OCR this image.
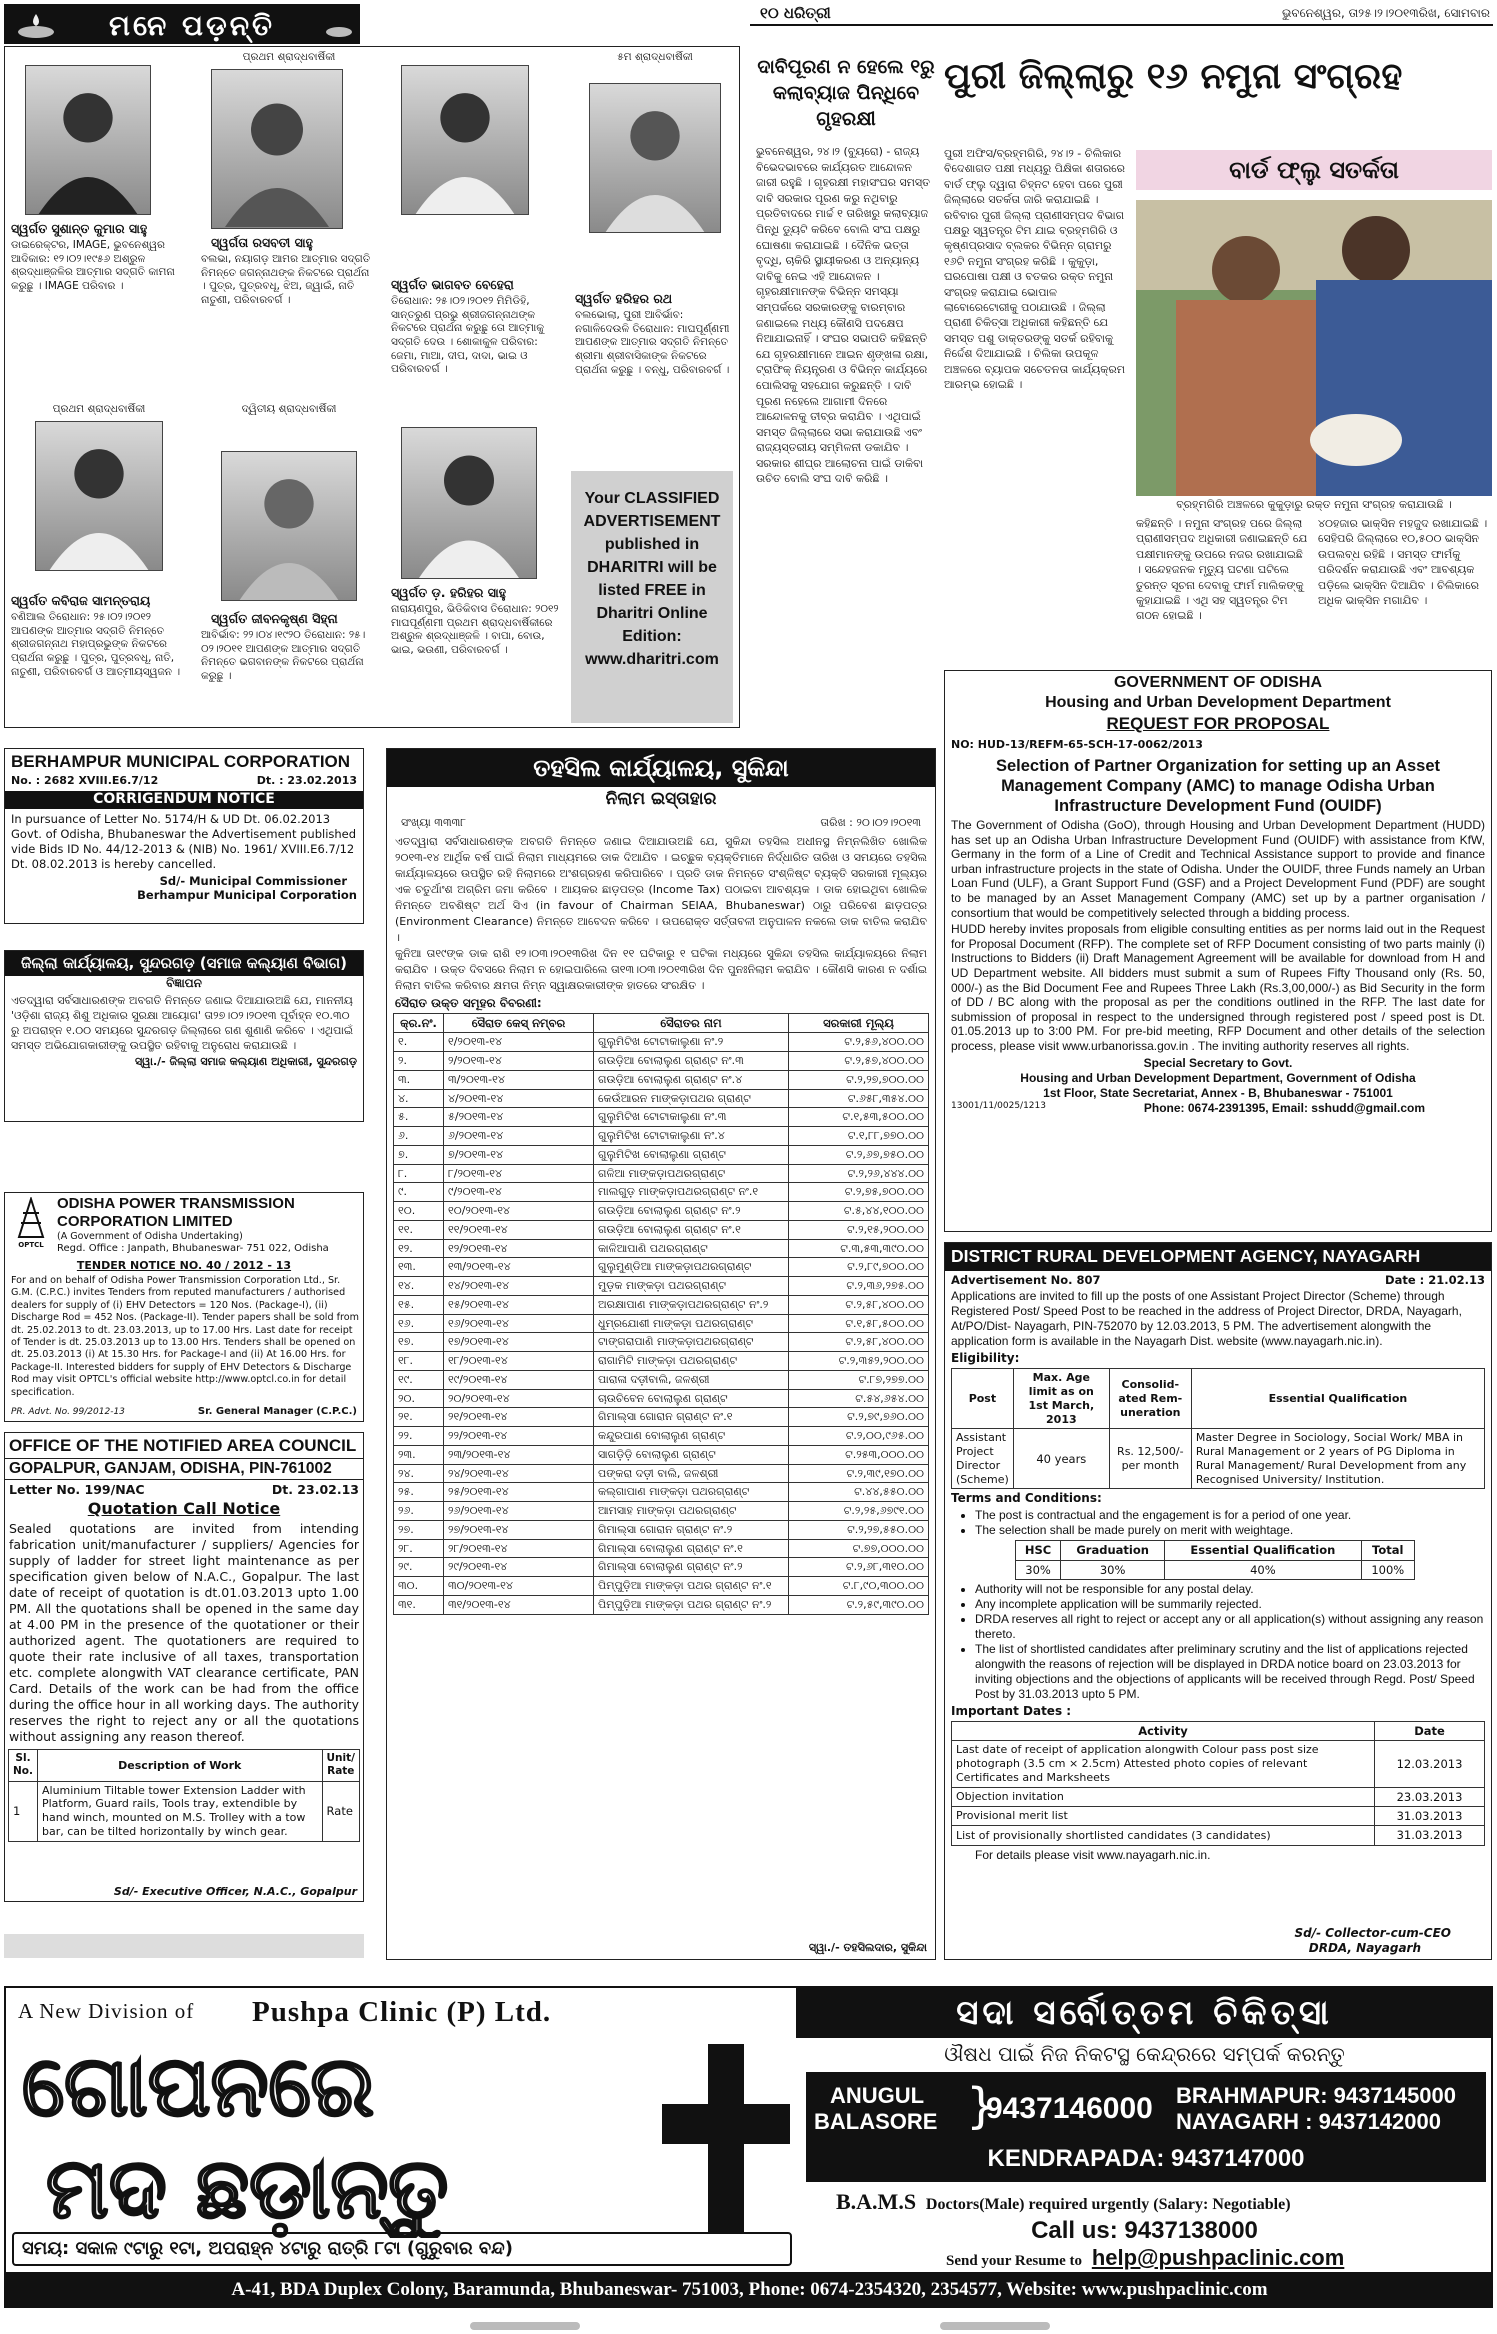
ମନେ ପଡ଼ନ୍ତି	୧୦ ଧରିତ୍ରୀ	ଭୁବନେଶ୍ୱର, ତା୨୫।୨।୨୦୧୩ରିଖ, ସୋମବାର
ସ୍ୱର୍ଗତ ସୁଶାନ୍ତ କୁମାର ସାହୁ
ଡାଇରେକ୍ଟର, IMAGE, ଭୁବନେଶ୍ୱର ଆଦିକାର: ୧୨।୦୨।୧୯୫୬ ଅଶ୍ରୁଳ ଶ୍ରଦ୍ଧାଞ୍ଜଳିର ଆତ୍ମାର ସଦ୍ଗତି କାମନା କରୁଛୁ । IMAGE ପରିବାର ।
ପ୍ରଥମ ଶ୍ରାଦ୍ଧବାର୍ଷିକୀ
ସ୍ୱର୍ଗତା ରସବତୀ ସାହୁ
ବଲଭା, ନୟାଗଡ଼ ଆମର ଆତ୍ମାର ସଦ୍ଗତି ନିମନ୍ତେ ଜଗନ୍ନାଥଙ୍କ ନିକଟରେ ପ୍ରାର୍ଥନା । ପୁତ୍ର, ପୁତ୍ରବଧୂ, ଝିଅ, ଜ୍ୱାଇଁ, ନାତି ନାତୁଣୀ, ପରିବାରବର୍ଗ ।
ସ୍ୱର୍ଗତ ଭାଗବତ ବେହେରା
ତିରୋଧାନ: ୨୫।୦୨।୨୦୧୨ ମିମିଡିହି, ସାନ୍ତରୁଣ ପ୍ରଭୁ ଶ୍ରୀଜଗନ୍ନାଥଙ୍କ ନିକଟରେ ପ୍ରାର୍ଥନା କରୁଛୁ ତୋ ଆତ୍ମାକୁ ସଦ୍ଗତି ଦେଉ । ଶୋକାକୁଳ ପରିବାର: ଜେମା, ମାଆ, ଦୀପ, ଦାଦା, ଭାଇ ଓ ପରିବାରବର୍ଗ ।
୫ମ ଶ୍ରାଦ୍ଧବାର୍ଷିକୀ
ସ୍ୱର୍ଗତ ହରିହର ରଥ
ବଲଭୋଲା, ପୁରୀ ଆବିର୍ଭାବ: ନଗାଳିଦେଉଳି ତିରୋଧାନ: ମାଘପୂର୍ଣ୍ଣମୀ ଆପଣଙ୍କ ଆତ୍ମାର ସଦ୍ଗତି ନିମନ୍ତେ ଶ୍ରୀମା ଶ୍ରୀବାସିକାଙ୍କ ନିକଟରେ ପ୍ରାର୍ଥନା କରୁଛୁ । ବନ୍ଧୁ, ପରିବାରବର୍ଗ ।
ପ୍ରଥମ ଶ୍ରାଦ୍ଧବାର୍ଷିକୀ
ସ୍ୱର୍ଗତ କବିରାଜ ସାମନ୍ତରାୟ
ବଣିଆଲ ତିରୋଧାନ: ୨୫।୦୨।୨୦୧୨ ଆପଣଙ୍କ ଆତ୍ମାର ସଦ୍ଗତି ନିମନ୍ତେ ଶ୍ରୀଜଗନ୍ନାଥ ମହାପ୍ରଭୁଙ୍କ ନିକଟରେ ପ୍ରାର୍ଥନା କରୁଛୁ । ପୁତ୍ର, ପୁତ୍ରବଧୂ, ନାତି, ନାତୁଣୀ, ପରିବାରବର୍ଗ ଓ ଆତ୍ମୀୟସ୍ୱଜନ ।
ଦ୍ୱିତୀୟ ଶ୍ରାଦ୍ଧବାର୍ଷିକୀ
ସ୍ୱର୍ଗତ ଜୀବନକୃଷ୍ଣ ସିହ୍ନା
ଆବିର୍ଭାବ: ୨୨।୦୪।୧୯୨୦ ତିରୋଧାନ: ୨୫।୦୨।୨୦୧୧ ଆପଣଙ୍କ ଆତ୍ମାର ସଦ୍ଗତି ନିମନ୍ତେ ଭଗବାନଙ୍କ ନିକଟରେ ପ୍ରାର୍ଥନା କରୁଛୁ ।
ସ୍ୱର୍ଗତ ଡ଼. ହରିହର ସାହୁ
ନାରାୟଣପୁର, ଭିଡିକିବାସ ତିରୋଧାନ: ୨୦୧୨ ମାଘପୂର୍ଣ୍ଣମୀ ପ୍ରଥମ ଶ୍ରାଦ୍ଧବାର୍ଷିକୀରେ ଅଶ୍ରୁଳ ଶ୍ରଦ୍ଧାଞ୍ଜଳି । ବାପା, ବୋଉ, ଭାଇ, ଭଉଣୀ, ପରିବାରବର୍ଗ ।
Your CLASSIFIED
ADVERTISEMENT
published in
DHARITRI will be
listed FREE in
Dharitri Online
Edition:
www.dharitri.com
ଦାବିପୂରଣ ନ ହେଲେ ୧ରୁ କଲାବ୍ୟାଜ ପିନ୍ଧିବେ ଗୃହରକ୍ଷୀ
ଭୁବନେଶ୍ୱର, ୨୪।୨ (ବ୍ୟୁରୋ) - ରାଜ୍ୟ ବିଭେଦଭାବରେ କାର୍ଯ୍ୟରତ ଆନ୍ଦୋଳନ ଜାରୀ ରହୁଛି । ଗୃହରକ୍ଷୀ ମହାସଂଘର ସମସ୍ତ ଦାବି ସରକାର ପୂରଣ କରୁ ନଥିବାରୁ ପ୍ରତିବାଦରେ ମାର୍ଚ୍ଚ ୧ ତାରିଖରୁ କଲାବ୍ୟାଜ ପିନ୍ଧି ଡ୍ୟୁଟି କରିବେ ବୋଲି ସଂଘ ପକ୍ଷରୁ ଘୋଷଣା କରାଯାଇଛି । ଦୈନିକ ଭତ୍ତା ବୃଦ୍ଧି, ଚାକିରି ସ୍ଥାୟୀକରଣ ଓ ଅନ୍ୟାନ୍ୟ ଦାବିକୁ ନେଇ ଏହି ଆନ୍ଦୋଳନ । ଗୃହରକ୍ଷୀମାନଙ୍କ ବିଭିନ୍ନ ସମସ୍ୟା ସମ୍ପର୍କରେ ସରକାରଙ୍କୁ ବାରମ୍ବାର ଜଣାଇଲେ ମଧ୍ୟ କୌଣସି ପଦକ୍ଷେପ ନିଆଯାଇନାହିଁ । ସଂଘର ସଭାପତି କହିଛନ୍ତି ଯେ ଗୃହରକ୍ଷୀମାନେ ଆଇନ ଶୃଙ୍ଖଳା ରକ୍ଷା, ଟ୍ରାଫିକ୍ ନିୟନ୍ତ୍ରଣ ଓ ବିଭିନ୍ନ କାର୍ଯ୍ୟରେ ପୋଲିସକୁ ସହଯୋଗ କରୁଛନ୍ତି । ଦାବି ପୂରଣ ନହେଲେ ଆଗାମୀ ଦିନରେ ଆନ୍ଦୋଳନକୁ ତୀବ୍ର କରାଯିବ । ଏଥିପାଇଁ ସମସ୍ତ ଜିଲ୍ଲାରେ ସଭା କରାଯାଉଛି ଏବଂ ରାଜ୍ୟସ୍ତରୀୟ ସମ୍ମିଳନୀ ଡକାଯିବ । ସରକାର ଶୀଘ୍ର ଆଲୋଚନା ପାଇଁ ଡାକିବା ଉଚିତ ବୋଲି ସଂଘ ଦାବି କରିଛି ।
ପୁରୀ ଜିଲ୍ଲାରୁ ୧୬ ନମୁନା ସଂଗ୍ରହ
ପୁରୀ ଅଫିସ/ବ୍ରହ୍ମଗିରି, ୨୪।୨ - ଚିଲିକାର ବିଦେଶାଗତ ପକ୍ଷୀ ମଧ୍ୟରୁ ପିକ୍ଷିକା ଶତାରରେ ବାର୍ଡ ଫ୍ଲୁ ଦ୍ୱାରା ଚିହ୍ନଟ ହେବା ପରେ ପୁରୀ ଜିଲ୍ଲାରେ ସତର୍କତା ଜାରି କରାଯାଇଛି । ରବିବାର ପୁରୀ ଜିଲ୍ଲା ପ୍ରାଣୀସମ୍ପଦ ବିଭାଗ ପକ୍ଷରୁ ସ୍ୱତନ୍ତ୍ର ଟିମ ଯାଇ ବ୍ରହ୍ମଗିରି ଓ କୃଷ୍ଣପ୍ରସାଦ ବ୍ଲକର ବିଭିନ୍ନ ଗ୍ରାମରୁ ୧୬ଟି ନମୁନା ସଂଗ୍ରହ କରିଛି । କୁକୁଡ଼ା, ଘରପୋଷା ପକ୍ଷୀ ଓ ବତକର ରକ୍ତ ନମୁନା ସଂଗ୍ରହ କରାଯାଇ ଭୋପାଳ ଲାବୋରେଟୋରୀକୁ ପଠାଯାଉଛି । ଜିଲ୍ଲା ପ୍ରାଣୀ ଚିକିତ୍ସା ଅଧିକାରୀ କହିଛନ୍ତି ଯେ ସମସ୍ତ ପଶୁ ଡାକ୍ତରଙ୍କୁ ସତର୍କ ରହିବାକୁ ନିର୍ଦ୍ଦେଶ ଦିଆଯାଇଛି । ଚିଲିକା ଉପକୂଳ ଅଞ୍ଚଳରେ ବ୍ୟାପକ ସଚେତନତା କାର୍ଯ୍ୟକ୍ରମ ଆରମ୍ଭ ହୋଇଛି ।
ବାର୍ଡ ଫ୍ଲୁ ସତର୍କତା
ବ୍ରହ୍ମଗିରି ଅଞ୍ଚଳରେ କୁକୁଡ଼ାରୁ ରକ୍ତ ନମୁନା ସଂଗ୍ରହ କରାଯାଉଛି ।
କହିଛନ୍ତି । ନମୁନା ସଂଗ୍ରହ ପରେ ଜିଲ୍ଲା ପ୍ରାଣୀସମ୍ପଦ ଅଧିକାରୀ ଜଣାଇଛନ୍ତି ଯେ ପକ୍ଷୀମାନଙ୍କୁ ଉପରେ ନଜର ରଖାଯାଇଛି । ସନ୍ଦେହଜନକ ମୃତ୍ୟୁ ଘଟଣା ଘଟିଲେ ତୁରନ୍ତ ସୂଚନା ଦେବାକୁ ଫାର୍ମ ମାଲିକଙ୍କୁ କୁହାଯାଇଛି । ଏଥି ସହ ସ୍ୱତନ୍ତ୍ର ଟିମ ଗଠନ ହୋଇଛି ।
୪୦ହଜାର ଭାକ୍ସିନ ମହଜୁଦ ରଖାଯାଇଛି । ସେହିପରି ଜିଲ୍ଲାରେ ୧୦,୫୦୦ ଭାକ୍ସିନ ଉପଲବ୍ଧ ରହିଛି । ସମସ୍ତ ଫାର୍ମକୁ ପରିଦର୍ଶନ କରାଯାଉଛି ଏବଂ ଆବଶ୍ୟକ ପଡ଼ିଲେ ଭାକ୍ସିନ ଦିଆଯିବ । ଚିଲିକାରେ ଅଧିକ ଭାକ୍ସିନ ମଗାଯିବ ।
BERHAMPUR MUNICIPAL CORPORATION
No. : 2682 XVIII.E6.7/12	Dt. : 23.02.2013
CORRIGENDUM NOTICE
In pursuance of Letter No. 5174/H & UD Dt. 06.02.2013 Govt. of Odisha, Bhubaneswar the Advertisement published vide Bids ID No. 44/12-2013 & (NIB) No. 1961/ XVIII.E6.7/12 Dt. 08.02.2013 is hereby cancelled.
Sd/- Municipal Commissioner
Berhampur Municipal Corporation
ଜିଲ୍ଲା କାର୍ଯ୍ୟାଳୟ, ସୁନ୍ଦରଗଡ଼ (ସମାଜ କଲ୍ୟାଣ ବିଭାଗ)
ବିଜ୍ଞାପନ
ଏତଦ୍ୱାରା ସର୍ବସାଧାରଣଙ୍କ ଅବଗତି ନିମନ୍ତେ ଜଣାଇ ଦିଆଯାଉଅଛି ଯେ, ମାନନୀୟ 'ଓଡ଼ିଶା ରାଜ୍ୟ ଶିଶୁ ଅଧିକାର ସୁରକ୍ଷା ଆୟୋଗ' ତା୨୭।୦୨।୨୦୧୩ ପୂର୍ବାହ୍ନ ୧୦.୩୦ ରୁ ଅପରାହ୍ନ ୧.୦୦ ସମୟରେ ସୁନ୍ଦରଗଡ଼ ଜିଲ୍ଲାରେ ଗଣ ଶୁଣାଣି କରିବେ । ଏଥିପାଇଁ ସମସ୍ତ ଅଭିଯୋଗକାରୀଙ୍କୁ ଉପସ୍ଥିତ ରହିବାକୁ ଅନୁରୋଧ କରାଯାଉଛି ।
ସ୍ୱା./- ଜିଲ୍ଲା ସମାଜ କଲ୍ୟାଣ ଅଧିକାରୀ, ସୁନ୍ଦରଗଡ଼
OPTCL
ODISHA POWER TRANSMISSION
CORPORATION LIMITED
(A Government of Odisha Undertaking)
Regd. Office : Janpath, Bhubaneswar- 751 022, Odisha
TENDER NOTICE NO. 40 / 2012 - 13
For and on behalf of Odisha Power Transmission Corporation Ltd., Sr. G.M. (C.P.C.) invites Tenders from reputed manufacturers / authorised dealers for supply of (i) EHV Detectors = 120 Nos. (Package-I), (ii) Discharge Rod = 452 Nos. (Package-II). Tender papers shall be sold from dt. 25.02.2013 to dt. 23.03.2013, up to 17.00 Hrs. Last date for receipt of Tender is dt. 25.03.2013 up to 13.00 Hrs. Tenders shall be opened on dt. 25.03.2013 (i) At 15.30 Hrs. for Package-I and (ii) At 16.00 Hrs. for Package-II. Interested bidders for supply of EHV Detectors & Discharge Rod may visit OPTCL's official website http://www.optcl.co.in for detail specification.
PR. Advt. No. 99/2012-13	Sr. General Manager (C.P.C.)
OFFICE OF THE NOTIFIED AREA COUNCIL
GOPALPUR, GANJAM, ODISHA, PIN-761002
Letter No. 199/NAC	Dt. 23.02.13
Quotation Call Notice
Sealed quotations are invited from intending fabrication unit/manufacturer / suppliers/ Agencies for supply of ladder for street light maintenance as per specification given below of N.A.C., Gopalpur. The last date of receipt of quotation is dt.01.03.2013 upto 1.00 PM. All the quotations shall be opened in the same day at 4.00 PM in the presence of the quotationer or their authorized agent. The quotationers are required to quote their rate inclusive of all taxes, transportation etc. complete alongwith VAT clearance certificate, PAN Card. Details of the work can be had from the office during the office hour in all working days. The authority reserves the right to reject any or all the quotations without assigning any reason thereof.
Sl. No.	Description of Work	Unit/ Rate
1	Aluminium Tiltable tower Extension Ladder with Platform, Guard rails, Tools tray, extendible by hand winch, mounted on M.S. Trolley with a tow bar, can be tilted horizontally by winch gear.	Rate
Sd/- Executive Officer, N.A.C., Gopalpur
ତହସିଲ କାର୍ଯ୍ୟାଳୟ, ସୁକିନ୍ଦା
ନିଲାମ ଇସ୍ତାହାର
ସଂଖ୍ୟା ୩୩୩୮	ତାରିଖ : ୨୦।୦୨।୨୦୧୩
ଏତଦ୍ୱାରା ସର୍ବସାଧାରଣଙ୍କ ଅବଗତି ନିମନ୍ତେ ଜଣାଇ ଦିଆଯାଉଅଛି ଯେ, ସୁକିନ୍ଦା ତହସିଲ ଅଧୀନସ୍ଥ ନିମ୍ନଲିଖିତ ଖୋଲିକ ୨୦୧୩-୧୪ ଆର୍ଥିକ ବର୍ଷ ପାଇଁ ନିଲାମ ମାଧ୍ୟମରେ ଡାକ ଦିଆଯିବ । ଇଚ୍ଛୁକ ବ୍ୟକ୍ତିମାନେ ନିର୍ଦ୍ଧାରିତ ତାରିଖ ଓ ସମୟରେ ତହସିଲ କାର୍ଯ୍ୟାଳୟରେ ଉପସ୍ଥିତ ରହି ନିଲାମରେ ଅଂଶଗ୍ରହଣ କରିପାରିବେ । ପ୍ରତି ଡାକ ନିମନ୍ତେ ସଂଶ୍ଳିଷ୍ଟ ବ୍ୟକ୍ତି ସରକାରୀ ମୂଲ୍ୟର ଏକ ଚତୁର୍ଥାଂଶ ଅଗ୍ରିମ ଜମା କରିବେ । ଆୟକର ଛାଡ଼ପତ୍ର (Income Tax) ପଠାଇବା ଆବଶ୍ୟକ । ଡାକ ହୋଇଥିବା ଖୋଲିକ ନିମନ୍ତେ ଅବଶିଷ୍ଟ ଅର୍ଥ ସିଏ (in favour of Chairman SEIAA, Bhubaneswar) ଠାରୁ ପରିବେଶ ଛାଡ଼ପତ୍ର (Environment Clearance) ନିମନ୍ତେ ଆବେଦନ କରିବେ । ଉପରୋକ୍ତ ସର୍ତ୍ତାବଳୀ ଅନୁପାଳନ ନକଲେ ଡାକ ବାତିଲ କରାଯିବ ।
କୁନିଆ ତା୧୯ଙ୍କ ଡାକ ରାଶି ୧୨।୦୩।୨୦୧୩ରିଖ ଦିନ ୧୧ ଘଟିକାରୁ ୧ ଘଟିକା ମଧ୍ୟରେ ସୁକିନ୍ଦା ତହସିଲ କାର୍ଯ୍ୟାଳୟରେ ନିଲାମ କରାଯିବ । ଉକ୍ତ ଦିବସରେ ନିଲାମ ନ ହୋଇପାରିଲେ ତା୧୩।୦୩।୨୦୧୩ରିଖ ଦିନ ପୁନଃନିଲାମ କରାଯିବ । କୌଣସି କାରଣ ନ ଦର୍ଶାଇ ନିଲାମ ବାତିଲ କରିବାର କ୍ଷମତା ନିମ୍ନ ସ୍ୱାକ୍ଷରକାରୀଙ୍କ ହାତରେ ସଂରକ୍ଷିତ ।
ସୈରାତ ଉକ୍ତ ସମୂହର ବିବରଣୀ:
କ୍ର.ନଂ.	ସୈରାତ କେସ୍ ନମ୍ବର	ସୈରାତର ନାମ	ସରକାରୀ ମୂଲ୍ୟ
୧.	୧/୨୦୧୩-୧୪	ଗୁଲୁମିଟିଖ ଟୋଟାକାଲୁଣା ନଂ.୨	ଟ.୨,୫୬,୪୦୦.୦୦
୨.	୨/୨୦୧୩-୧୪	ଗଉଡ଼ିଆ ବୋଲାଲୁଣ ଗ୍ରାଣ୍ଟ ନଂ.୩	ଟ.୨,୫୭,୪୦୦.୦୦
୩.	୩/୨୦୧୩-୧୪	ଗଉଡ଼ିଆ ବୋଲାଲୁଣ ଗ୍ରାଣ୍ଟ ନଂ.୪	ଟ.୨,୨୭,୭୦୦.୦୦
୪.	୪/୨୦୧୩-୧୪	କେଉଁଆରନ ମାଙ୍କଡ଼ାପଥର ଗ୍ରାଣ୍ଟ	ଟ.୬୫୮,୩୫୪.୦୦
୫.	୫/୨୦୧୩-୧୪	ଗୁଲୁମିଟିଖ ଟୋଟାକାଲୁଣା ନଂ.୩	ଟ.୧,୫୩,୫୦୦.୦୦
୬.	୬/୨୦୧୩-୧୪	ଗୁଲୁମିଟିଖ ଟୋଟାକାଲୁଣା ନଂ.୪	ଟ.୧,୮୮,୭୭୦.୦୦
୭.	୭/୨୦୧୩-୧୪	ଗୁଲୁମିଟିଖ ବୋଲାଲୁଣା ଗ୍ରାଣ୍ଟ	ଟ.୨,୬୭,୭୫୦.୦୦
୮.	୮/୨୦୧୩-୧୪	ଗଳିଆ ମାଙ୍କଡ଼ାପଥରଗ୍ରାଣ୍ଟ	ଟ.୨,୨୬,୪୪୪.୦୦
୯.	୯/୨୦୧୩-୧୪	ମାଲଗୁଡ଼ ମାଙ୍କଡ଼ାପଥରଗ୍ରାଣ୍ଟ ନଂ.୧	ଟ.୨,୭୫,୭୦୦.୦୦
୧୦.	୧୦/୨୦୧୩-୧୪	ଗଉଡ଼ିଆ ବୋଲାଲୁଣ ଗ୍ରାଣ୍ଟ ନଂ.୨	ଟ.୫,୪୪,୧୦୦.୦୦
୧୧.	୧୧/୨୦୧୩-୧୪	ଗଉଡ଼ିଆ ବୋଲାଲୁଣ ଗ୍ରାଣ୍ଟ ନଂ.୧	ଟ.୨,୧୫,୨୦୦.୦୦
୧୨.	୧୨/୨୦୧୩-୧୪	କାଳିଆପାଣି ପଥରଗ୍ରାଣ୍ଟ	ଟ.୩,୫୩,୩୯୦.୦୦
୧୩.	୧୩/୨୦୧୩-୧୪	ଗୁଲୁମୁଣ୍ଡିଆ ମାଙ୍କଡ଼ାପଥରଗ୍ରାଣ୍ଟ	ଟ.୨,୮୯,୭୦୦.୦୦
୧୪.	୧୪/୨୦୧୩-୧୪	ମୁଡ଼କ ମାଙ୍କଡ଼ା ପଥରଗ୍ରାଣ୍ଟ	ଟ.୨,୩୬,୨୭୫.୦୦
୧୫.	୧୫/୨୦୧୩-୧୪	ଅରକ୍ଷାପାଣ ମାଙ୍କଡ଼ାପଥରଗ୍ରାଣ୍ଟ ନଂ.୨	ଟ.୨,୫୮,୪୦୦.୦୦
୧୬.	୧୬/୨୦୧୩-୧୪	ଧୁମ୍ରଯୋଶୀ ମାଙ୍କଡ଼ା ପଥରଗ୍ରାଣ୍ଟ	ଟ.୧,୫୮,୫୦୦.୦୦
୧୭.	୧୭/୨୦୧୩-୧୪	ଟାଙ୍ଗରାପାଣି ମାଙ୍କଡ଼ାପଥରଗ୍ରାଣ୍ଟ	ଟ.୨,୫୮,୪୦୦.୦୦
୧୮.	୧୮/୨୦୧୩-୧୪	ରାଗାମିଟି ମାଙ୍କଡ଼ା ପଥରଗ୍ରାଣ୍ଟ	ଟ.୨,୩୫୨,୨୦୦.୦୦
୧୯.	୧୯/୨୦୧୩-୧୪	ପାରାଳା ଦଡ଼ୀବାଲି, ଜଳଶ୍ରୀ	ଟ.୮୭,୨୭୭.୦୦
୨୦.	୨୦/୨୦୧୩-୧୪	ଚାଉଚିବେନ ବୋଲାଲୁଣ ଗ୍ରାଣ୍ଟ	ଟ.୫୪,୬୫୪.୦୦
୨୧.	୨୧/୨୦୧୩-୧୪	ଗିମାଲ୍‌ସା ଗୋରାନ ଗ୍ରାଣ୍ଟ ନଂ.୧	ଟ.୨,୭୯,୭୬୦.୦୦
୨୨.	୨୨/୨୦୧୩-୧୪	କନ୍ଦୁରପାଣ ବୋଲାଲୁଣ ଗ୍ରାଣ୍ଟ	ଟ.୨,୦୦,୯୬୫.୦୦
୨୩.	୨୩/୨୦୧୩-୧୪	ସାଗଡ଼ିଡ଼ି ବୋଲାଲୁଣ ଗ୍ରାଣ୍ଟ	ଟ.୨୫୩,୦୦୦.୦୦
୨୪.	୨୪/୨୦୧୩-୧୪	ପଙ୍କରା ଦଡ଼ୀ ବାଲି, ଜଳଶ୍ରୀ	ଟ.୨,୩୯,୧୭୦.୦୦
୨୫.	୨୫/୨୦୧୩-୧୪	କଲ୍‌ଗାପାଣ ମାଙ୍କଡ଼ା ପଥରଗ୍ରାଣ୍ଟ	ଟ.୪୪,୫୫୦.୦୦
୨୬.	୨୬/୨୦୧୩-୧୪	ଆମସାହ ମାଙ୍କଡ଼ା ପଥରଗ୍ରାଣ୍ଟ	ଟ.୨,୨୫,୬୭୯୧.୦୦
୨୭.	୨୭/୨୦୧୩-୧୪	ଗିମାଲ୍‌ସା ଗୋରାନ ଗ୍ରାଣ୍ଟ ନଂ.୨	ଟ.୨,୨୭,୫୫୦.୦୦
୨୮.	୨୮/୨୦୧୩-୧୪	ଗିମାଲ୍‌ସା ବୋଲାଲୁଣ ଗ୍ରାଣ୍ଟ ନଂ.୧	ଟ.୭୭,୦୦୦.୦୦
୨୯.	୨୯/୨୦୧୩-୧୪	ଗିମାଲ୍‌ସା ବୋଲାଲୁଣ ଗ୍ରାଣ୍ଟ ନଂ.୨	ଟ.୨,୬୮,୩୧୦.୦୦
୩୦.	୩୦/୨୦୧୩-୧୪	ପିମ୍ପୁଡ଼ିଆ ମାଙ୍କଡ଼ା ପଥର ଗ୍ରାଣ୍ଟ ନଂ.୧	ଟ.୮,୯୦,୩୦୦.୦୦
୩୧.	୩୧/୨୦୧୩-୧୪	ପିମ୍ପୁଡ଼ିଆ ମାଙ୍କଡ଼ା ପଥର ଗ୍ରାଣ୍ଟ ନଂ.୨	ଟ.୨,୫୯,୩୯୦.୦୦
ସ୍ୱା./- ତହସିଲଦାର, ସୁକିନ୍ଦା
GOVERNMENT OF ODISHA
Housing and Urban Development Department
REQUEST FOR PROPOSAL
NO: HUD-13/REFM-65-SCH-17-0062/2013
Selection of Partner Organization for setting up an Asset Management Company (AMC) to manage Odisha Urban Infrastructure Development Fund (OUIDF)
The Government of Odisha (GoO), through Housing and Urban Development Department (HUDD) has set up an Odisha Urban Infrastructure Development Fund (OUIDF) with assistance from KfW, Germany in the form of a Line of Credit and Technical Assistance support to provide and finance urban infrastructure projects in the state of Odisha. Under the OUIDF, three Funds namely an Urban Loan Fund (ULF), a Grant Support Fund (GSF) and a Project Development Fund (PDF) are sought to be managed by an Asset Management Company (AMC) set up by a partner organisation / consortium that would be competitively selected through a bidding process.
HUDD hereby invites proposals from eligible consulting entities as per norms laid out in the Request for Proposal Document (RFP). The complete set of RFP Document consisting of two parts mainly (i) Instructions to Bidders (ii) Draft Management Agreement will be available for download from H and UD Department website. All bidders must submit a sum of Rupees Fifty Thousand only (Rs. 50, 000/-) as the Bid Document Fee and Rupees Three Lakh (Rs.3,00,000/-) as Bid Security in the form of DD / BC along with the proposal as per the conditions outlined in the RFP. The last date for submission of proposal in respect to the undersigned through registered post / speed post is Dt. 01.05.2013 up to 3:00 PM. For pre-bid meeting, RFP Document and other details of the selection process, please visit www.urbanorissa.gov.in . The inviting authority reserves all rights.
Special Secretary to Govt.
Housing and Urban Development Department, Government of Odisha
1st Floor, State Secretariat, Annex - B, Bhubaneswar - 751001
13001/11/0025/1213	Phone: 0674-2391395, Email: sshudd@gmail.com
DISTRICT RURAL DEVELOPMENT AGENCY, NAYAGARH
Advertisement No. 807	Date : 21.02.13
Applications are invited to fill up the posts of one Assistant Project Director (Scheme) through Registered Post/ Speed Post to be reached in the address of Project Director, DRDA, Nayagarh, At/PO/Dist- Nayagarh, PIN-752070 by 12.03.2013, 5 PM. The advertisement alongwith the application form is available in the Nayagarh Dist. website (www.nayagarh.nic.in).
Eligibility:
Post	Max. Age limit as on 1st March, 2013	Consolid-ated Rem-uneration	Essential Qualification
Assistant Project Director (Scheme)	40 years	Rs. 12,500/- per month	Master Degree in Sociology, Social Work/ MBA in Rural Management or 2 years of PG Diploma in Rural Management/ Rural Development from any Recognised University/ Institution.
Terms and Conditions:
• The post is contractual and the engagement is for a period of one year.
• The selection shall be made purely on merit with weightage.
HSC	Graduation	Essential Qualification	Total
30%	30%	40%	100%
• Authority will not be responsible for any postal delay.
• Any incomplete application will be summarily rejected.
• DRDA reserves all right to reject or accept any or all application(s) without assigning any reason thereto.
• The list of shortlisted candidates after preliminary scrutiny and the list of applications rejected alongwith the reasons of rejection will be displayed in DRDA notice board on 23.03.2013 for inviting objections and the objections of applicants will be received through Regd. Post/ Speed Post by 31.03.2013 upto 5 PM.
Important Dates :
Activity	Date
Last date of receipt of application alongwith Colour pass post size photograph (3.5 cm × 2.5cm) Attested photo copies of relevant Certificates and Marksheets	12.03.2013
Objection invitation	23.03.2013
Provisional merit list	31.03.2013
List of provisionally shortlisted candidates (3 candidates)	31.03.2013
For details please visit www.nayagarh.nic.in.
Sd/- Collector-cum-CEO
DRDA, Nayagarh
A New Division of Pushpa Clinic (P) Ltd.	ସଦା ସର୍ବୋତ୍ତମ ଚିକିତ୍ସା
ଗୋପନରେ
ମଦ ଛଡ଼ାନ୍ତୁ
ଔଷଧ ପାଇଁ ନିଜ ନିକଟସ୍ଥ କେନ୍ଦ୍ରରେ ସମ୍ପର୍କ କରନ୍ତୁ
ANUGUL
BALASORE }
9437146000 BRAHMAPUR: 9437145000
NAYAGARH : 9437142000
KENDRAPADA: 9437147000
B.A.M.S Doctors(Male) required urgently (Salary: Negotiable)
Call us: 9437138000
Send your Resume to help@pushpaclinic.com
ସମୟ: ସକାଳ ୯ଟାରୁ ୧ଟା, ଅପରାହ୍ନ ୪ଟାରୁ ରାତ୍ରି ୮ଟା (ଗୁରୁବାର ବନ୍ଦ)
A-41, BDA Duplex Colony, Baramunda, Bhubaneswar- 751003, Phone: 0674-2354320, 2354577, Website: www.pushpaclinic.com
